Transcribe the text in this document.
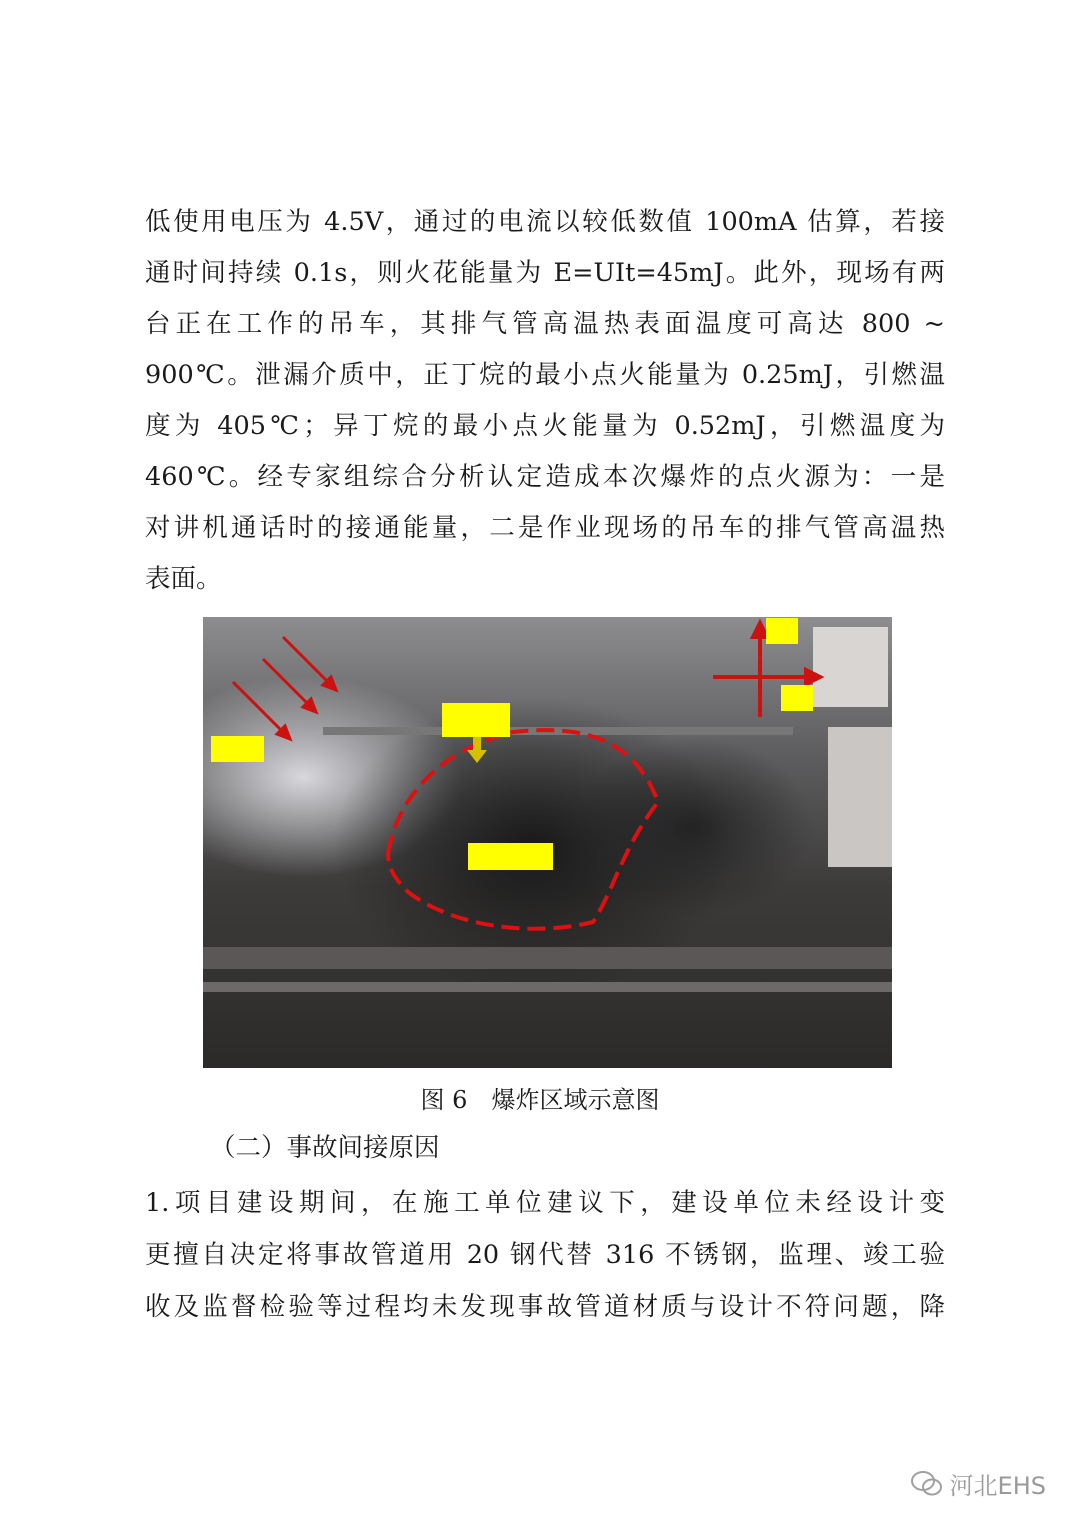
低使用电压为 4.5V，通过的电流以较低数值 100mA 估算，若接
通时间持续 0.1s，则火花能量为 E=UIt=45mJ。此外，现场有两
台正在工作的吊车，其排气管高温热表面温度可高达 800 ~
900℃。泄漏介质中，正丁烷的最小点火能量为 0.25mJ，引燃温
度为 405℃；异丁烷的最小点火能量为 0.52mJ，引燃温度为
460℃。经专家组综合分析认定造成本次爆炸的点火源为：一是
对讲机通话时的接通能量，二是作业现场的吊车的排气管高温热
表面。
图 6　爆炸区域示意图
（二）事故间接原因
1.项目建设期间，在施工单位建议下，建设单位未经设计变
更擅自决定将事故管道用 20 钢代替 316 不锈钢，监理、竣工验
收及监督检验等过程均未发现事故管道材质与设计不符问题，降
河北EHS
